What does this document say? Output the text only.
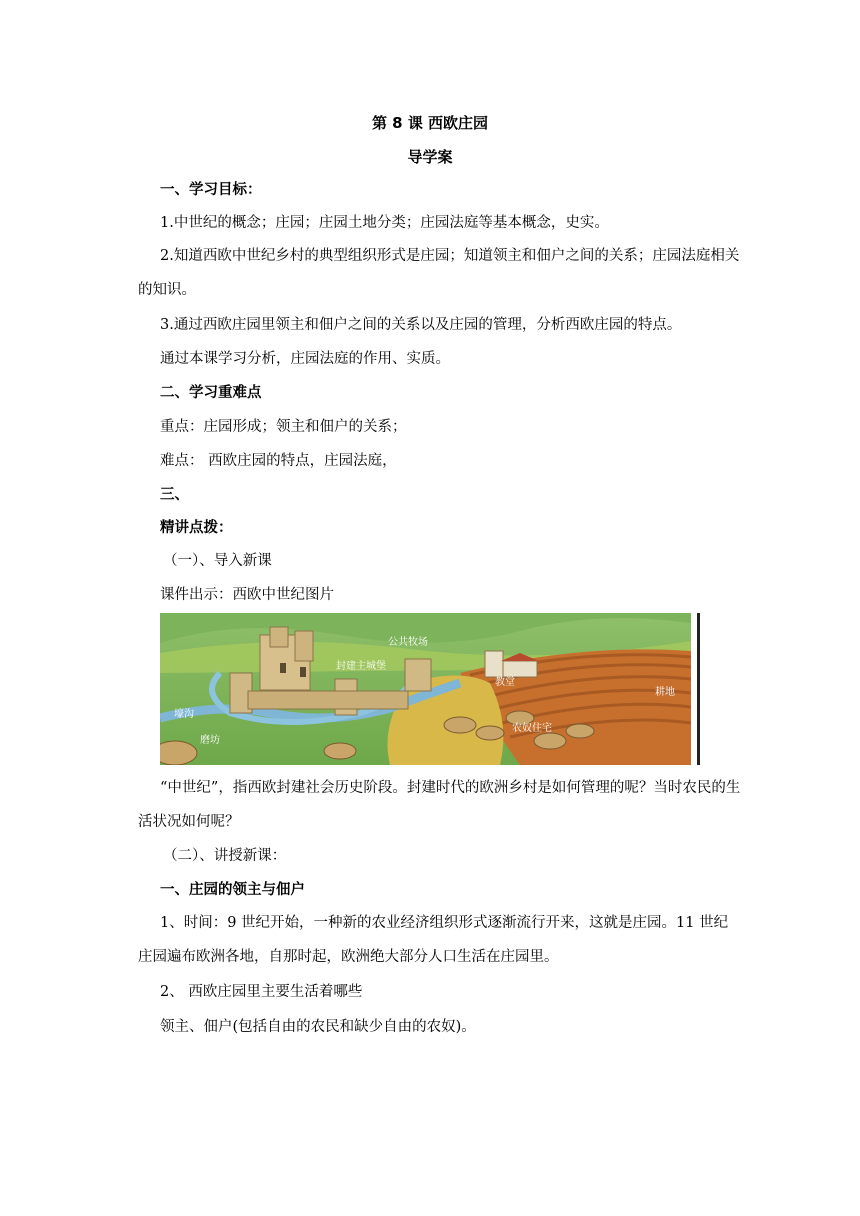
第 8 课 西欧庄园
导学案
一、学习目标：
1.中世纪的概念；庄园；庄园土地分类；庄园法庭等基本概念，史实。
2.知道西欧中世纪乡村的典型组织形式是庄园；知道领主和佃户之间的关系；庄园法庭相关的知识。
3.通过西欧庄园里领主和佃户之间的关系以及庄园的管理，分析西欧庄园的特点。
通过本课学习分析，庄园法庭的作用、实质。
二、学习重难点
重点：庄园形成；领主和佃户的关系；
难点： 西欧庄园的特点，庄园法庭，
三、
精讲点拨：
（一）、导入新课
课件出示：西欧中世纪图片
封建主城堡
公共牧场
教堂
耕地
壕沟
磨坊
农奴住宅
“中世纪”，指西欧封建社会历史阶段。封建时代的欧洲乡村是如何管理的呢？当时农民的生活状况如何呢？
（二）、讲授新课：
一、庄园的领主与佃户
1、时间：9 世纪开始，一种新的农业经济组织形式逐渐流行开来，这就是庄园。11 世纪庄园遍布欧洲各地，自那时起，欧洲绝大部分人口生活在庄园里。
2、 西欧庄园里主要生活着哪些
领主、佃户(包括自由的农民和缺少自由的农奴)。
